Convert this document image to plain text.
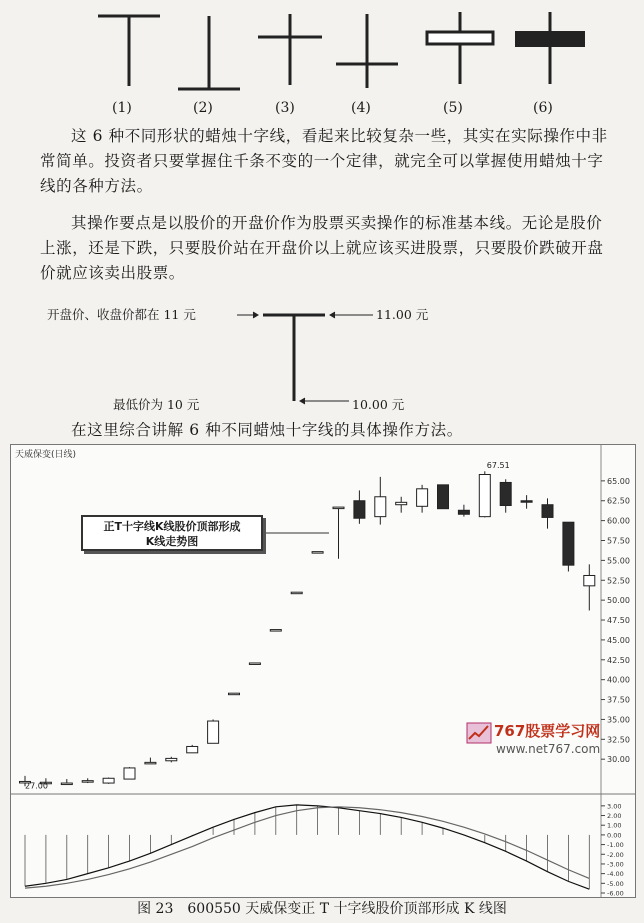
(1)	(2)	(3)	(4)	(5)	(6)

这 6 种不同形状的蜡烛十字线，看起来比较复杂一些，其实在实际操作中非常简单。投资者只要掌握住千条不变的一个定律，就完全可以掌握使用蜡烛十字线的各种方法。

其操作要点是以股价的开盘价作为股票买卖操作的标准基本线。无论是股价上涨，还是下跌，只要股价站在开盘价以上就应该买进股票，只要股价跌破开盘价就应该卖出股票。

开盘价、收盘价都在 11 元	11.00 元
最低价为 10 元	10.00 元

在这里综合讲解 6 种不同蜡烛十字线的具体操作方法。

天威保变(日线)
65.00
62.50
60.00
57.50
55.00
52.50
50.00
47.50
45.00
42.50
40.00
37.50
35.00
32.50
30.00
67.51
27.00
3.00
2.00
1.00
0.00
-1.00
-2.00
-3.00
-4.00
-5.00
-6.00
正T十字线K线股价顶部形成
K线走势图
767股票学习网
www.net767.com
图 23　600550 天威保变正 T 十字线股价顶部形成 K 线图
